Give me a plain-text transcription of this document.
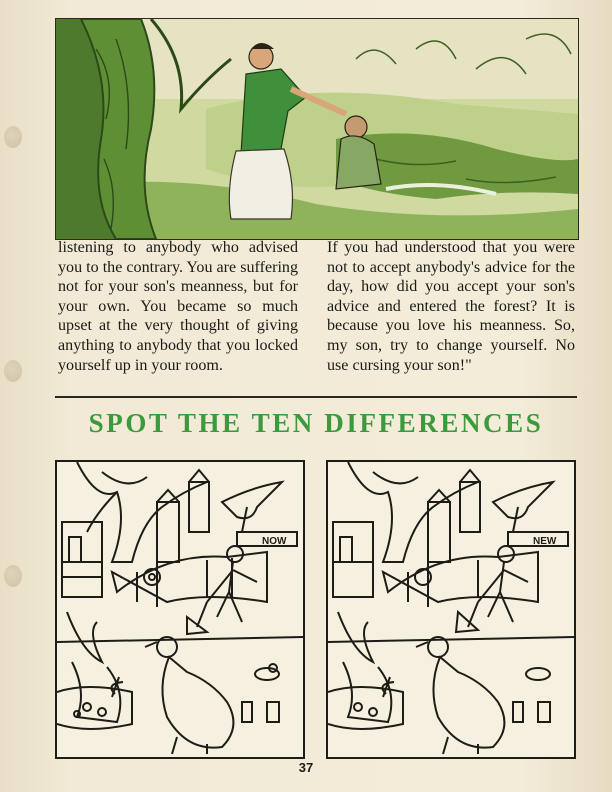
listening to anybody who advised you to the contrary. You are suffering not for your son's meanness, but for your own. You became so much upset at the very thought of giving anything to anybody that you locked yourself up in your room.

If you had understood that you were not to accept anybody's advice for the day, how did you accept your son's advice and entered the forest? It is because you love his meanness. So, my son, try to change yourself. No use cursing your son!"

SPOT THE TEN DIFFERENCES
NOW	NEW
37
